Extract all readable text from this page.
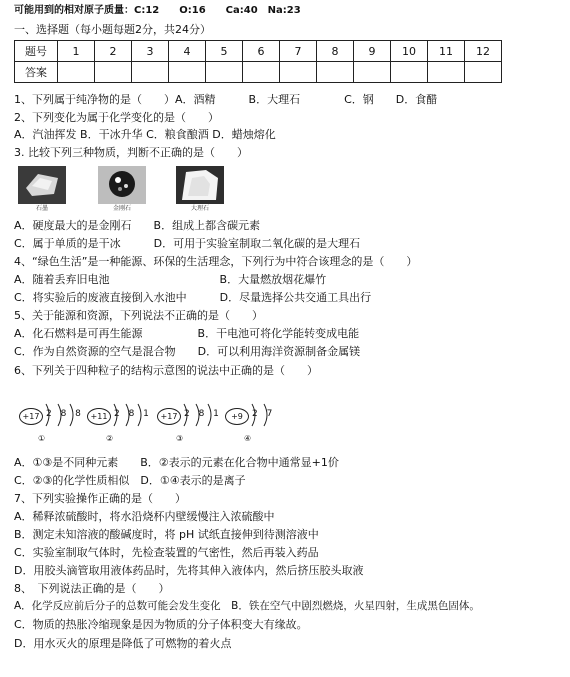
可能用到的相对原子质量：C:12　　O:16　　Ca:40　Na:23
一、选择题（每小题每题2分，共24分）
题号	1	2	3	4	5	6	7	8	9	10	11	12
答案												
1、下列属于纯净物的是（　　）A．酒精　　　B．大理石　　　　C．钢　　D．食醋
2、下列变化为属于化学变化的是（　　）
A．汽油挥发 B．干冰升华 C．粮食酿酒 D．蜡烛熔化
3. 比较下列三种物质，判断不正确的是（　　）
石墨	金刚石	大理石
A．硬度最大的是金刚石　　B．组成上都含碳元素
C．属于单质的是干冰　　　D．可用于实验室制取二氧化碳的是大理石
4、“绿色生活”是一种能源、环保的生活理念，下列行为中符合该理念的是（　　）
A．随着丢弃旧电池　　　　　　　　　　B．大量燃放烟花爆竹
C．将实验后的废液直接倒入水池中　　　D．尽量选择公共交通工具出行
5、关于能源和资源，下列说法不正确的是（　　）
A．化石燃料是可再生能源　　　　　B．干电池可将化学能转变成电能
C．作为自然资源的空气是混合物　　D．可以利用海洋资源制备金属镁
6、下列关于四种粒子的结构示意图的说法中正确的是（　　）
+17 2 8 8
①
+11 2 8 1
②
+17 2 8 1
③
+9	2 7
④
A．①③是不同种元素　　B．②表示的元素在化合物中通常显+1价
C．②③的化学性质相似　D．①④表示的是离子
7、下列实验操作正确的是（　　）
A．稀释浓硫酸时，将水沿烧杯内壁缓慢注入浓硫酸中
B．测定未知溶液的酸碱度时，将 pH 试纸直接伸到待测溶液中
C．实验室制取气体时，先检查装置的气密性，然后再装入药品
D．用胶头滴管取用液体药品时，先将其伸入液体内，然后挤压胶头取液
8、　下列说法正确的是（　　）
A．化学反应前后分子的总数可能会发生变化　B．铁在空气中剧烈燃烧，火星四射，生成黑色固体。
C．物质的热胀冷缩现象是因为物质的分子体积变大有缘故。
D．用水灭火的原理是降低了可燃物的着火点
